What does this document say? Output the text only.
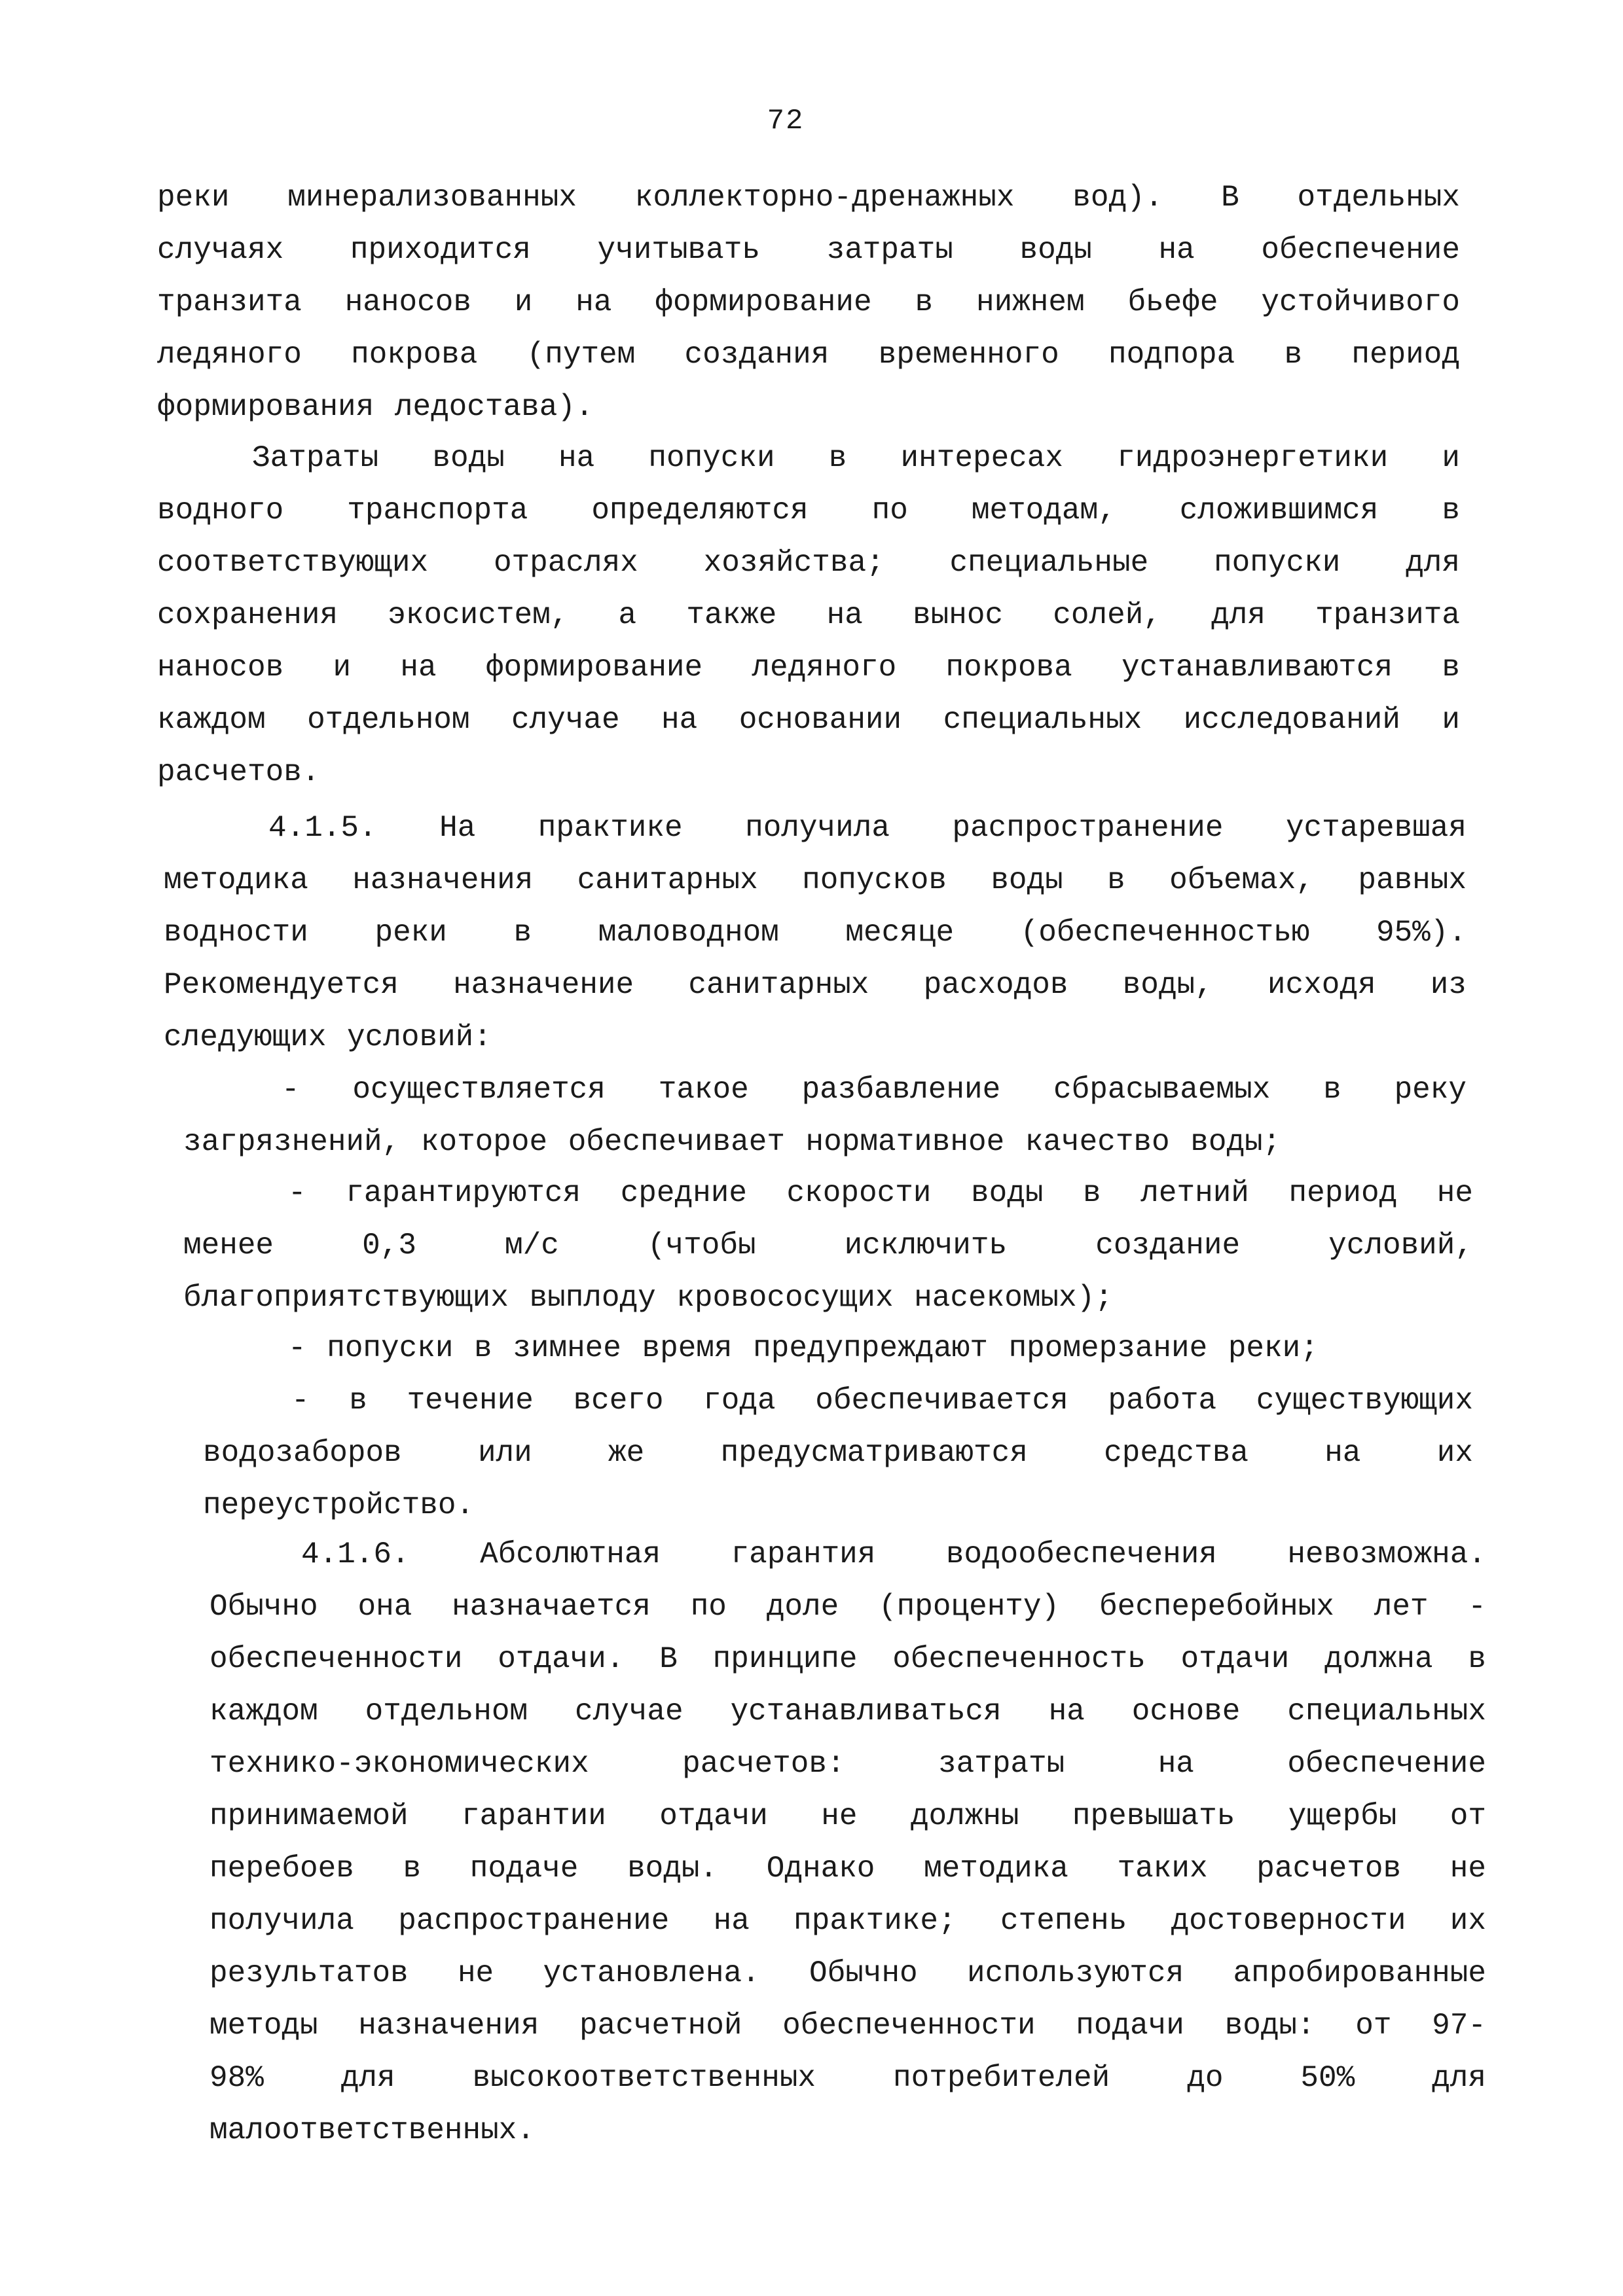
72
реки минерализованных коллекторно-дренажных вод). В отдельных
случаях приходится учитывать затраты воды на обеспечение
транзита наносов и на формирование в нижнем бьефе устойчивого
ледяного покрова (путем создания временного подпора в период
формирования ледостава).
Затраты воды на попуски в интересах гидроэнергетики и
водного транспорта определяются по методам, сложившимся в
соответствующих отраслях хозяйства; специальные попуски для
сохранения экосистем, а также на вынос солей, для транзита
наносов и на формирование ледяного покрова устанавливаются в
каждом отдельном случае на основании специальных исследований и
расчетов.
4.1.5. На практике получила распространение устаревшая
методика назначения санитарных попусков воды в объемах, равных
водности реки в маловодном месяце (обеспеченностью 95%).
Рекомендуется назначение санитарных расходов воды, исходя из
следующих условий:
- осуществляется такое разбавление сбрасываемых в реку
загрязнений, которое обеспечивает нормативное качество воды;
- гарантируются средние скорости воды в летний период не
менее 0,3 м/с (чтобы исключить создание условий,
благоприятствующих выплоду кровососущих насекомых);
- попуски в зимнее время предупреждают промерзание реки;
- в течение всего года обеспечивается работа существующих
водозаборов или же предусматриваются средства на их
переустройство.
4.1.6. Абсолютная гарантия водообеспечения невозможна.
Обычно она назначается по доле (проценту) бесперебойных лет -
обеспеченности отдачи. В принципе обеспеченность отдачи должна в
каждом отдельном случае устанавливаться на основе специальных
технико-экономических расчетов: затраты на обеспечение
принимаемой гарантии отдачи не должны превышать ущербы от
перебоев в подаче воды. Однако методика таких расчетов не
получила распространение на практике; степень достоверности их
результатов не установлена. Обычно используются апробированные
методы назначения расчетной обеспеченности подачи воды: от 97-
98% для высокоответственных потребителей до 50% для
малоответственных.
